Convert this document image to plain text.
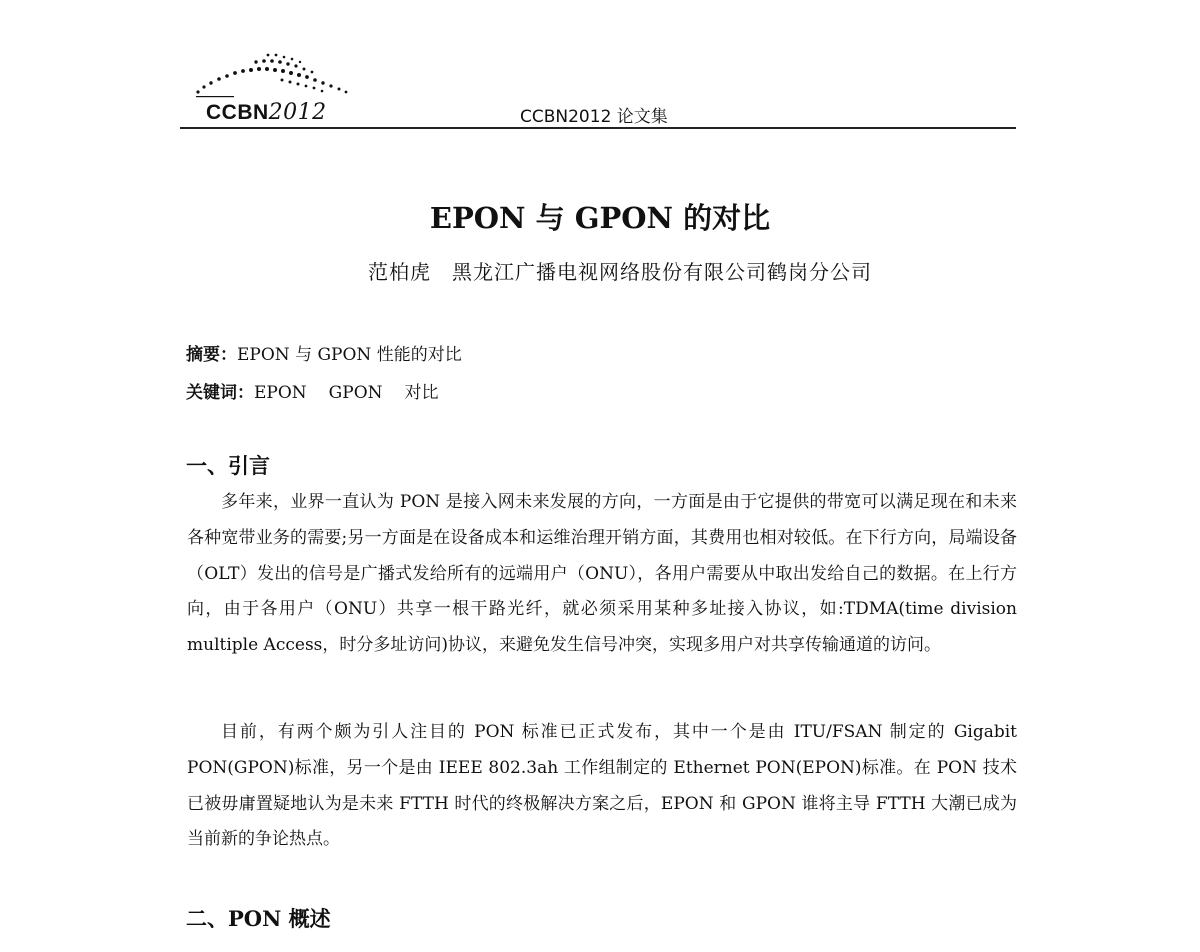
CCBN2012	CCBN2012 论文集
EPON 与 GPON 的对比
范柏虎　黑龙江广播电视网络股份有限公司鹤岗分公司
摘要：EPON 与 GPON 性能的对比
关键词：EPON GPON 对比
一、引言

多年来，业界一直认为 PON 是接入网未来发展的方向，一方面是由于它提供的带宽可以满足现在和未来各种宽带业务的需要;另一方面是在设备成本和运维治理开销方面，其费用也相对较低。在下行方向，局端设备（OLT）发出的信号是广播式发给所有的远端用户（ONU），各用户需要从中取出发给自己的数据。在上行方向，由于各用户（ONU）共享一根干路光纤，就必须采用某种多址接入协议，如:TDMA(time division multiple Access，时分多址访问)协议，来避免发生信号冲突，实现多用户对共享传输通道的访问。

目前，有两个颇为引人注目的 PON 标准已正式发布，其中一个是由 ITU/FSAN 制定的 Gigabit PON(GPON)标准，另一个是由 IEEE 802.3ah 工作组制定的 Ethernet PON(EPON)标准。在 PON 技术已被毋庸置疑地认为是未来 FTTH 时代的终极解决方案之后，EPON 和 GPON 谁将主导 FTTH 大潮已成为当前新的争论热点。

二、PON 概述
